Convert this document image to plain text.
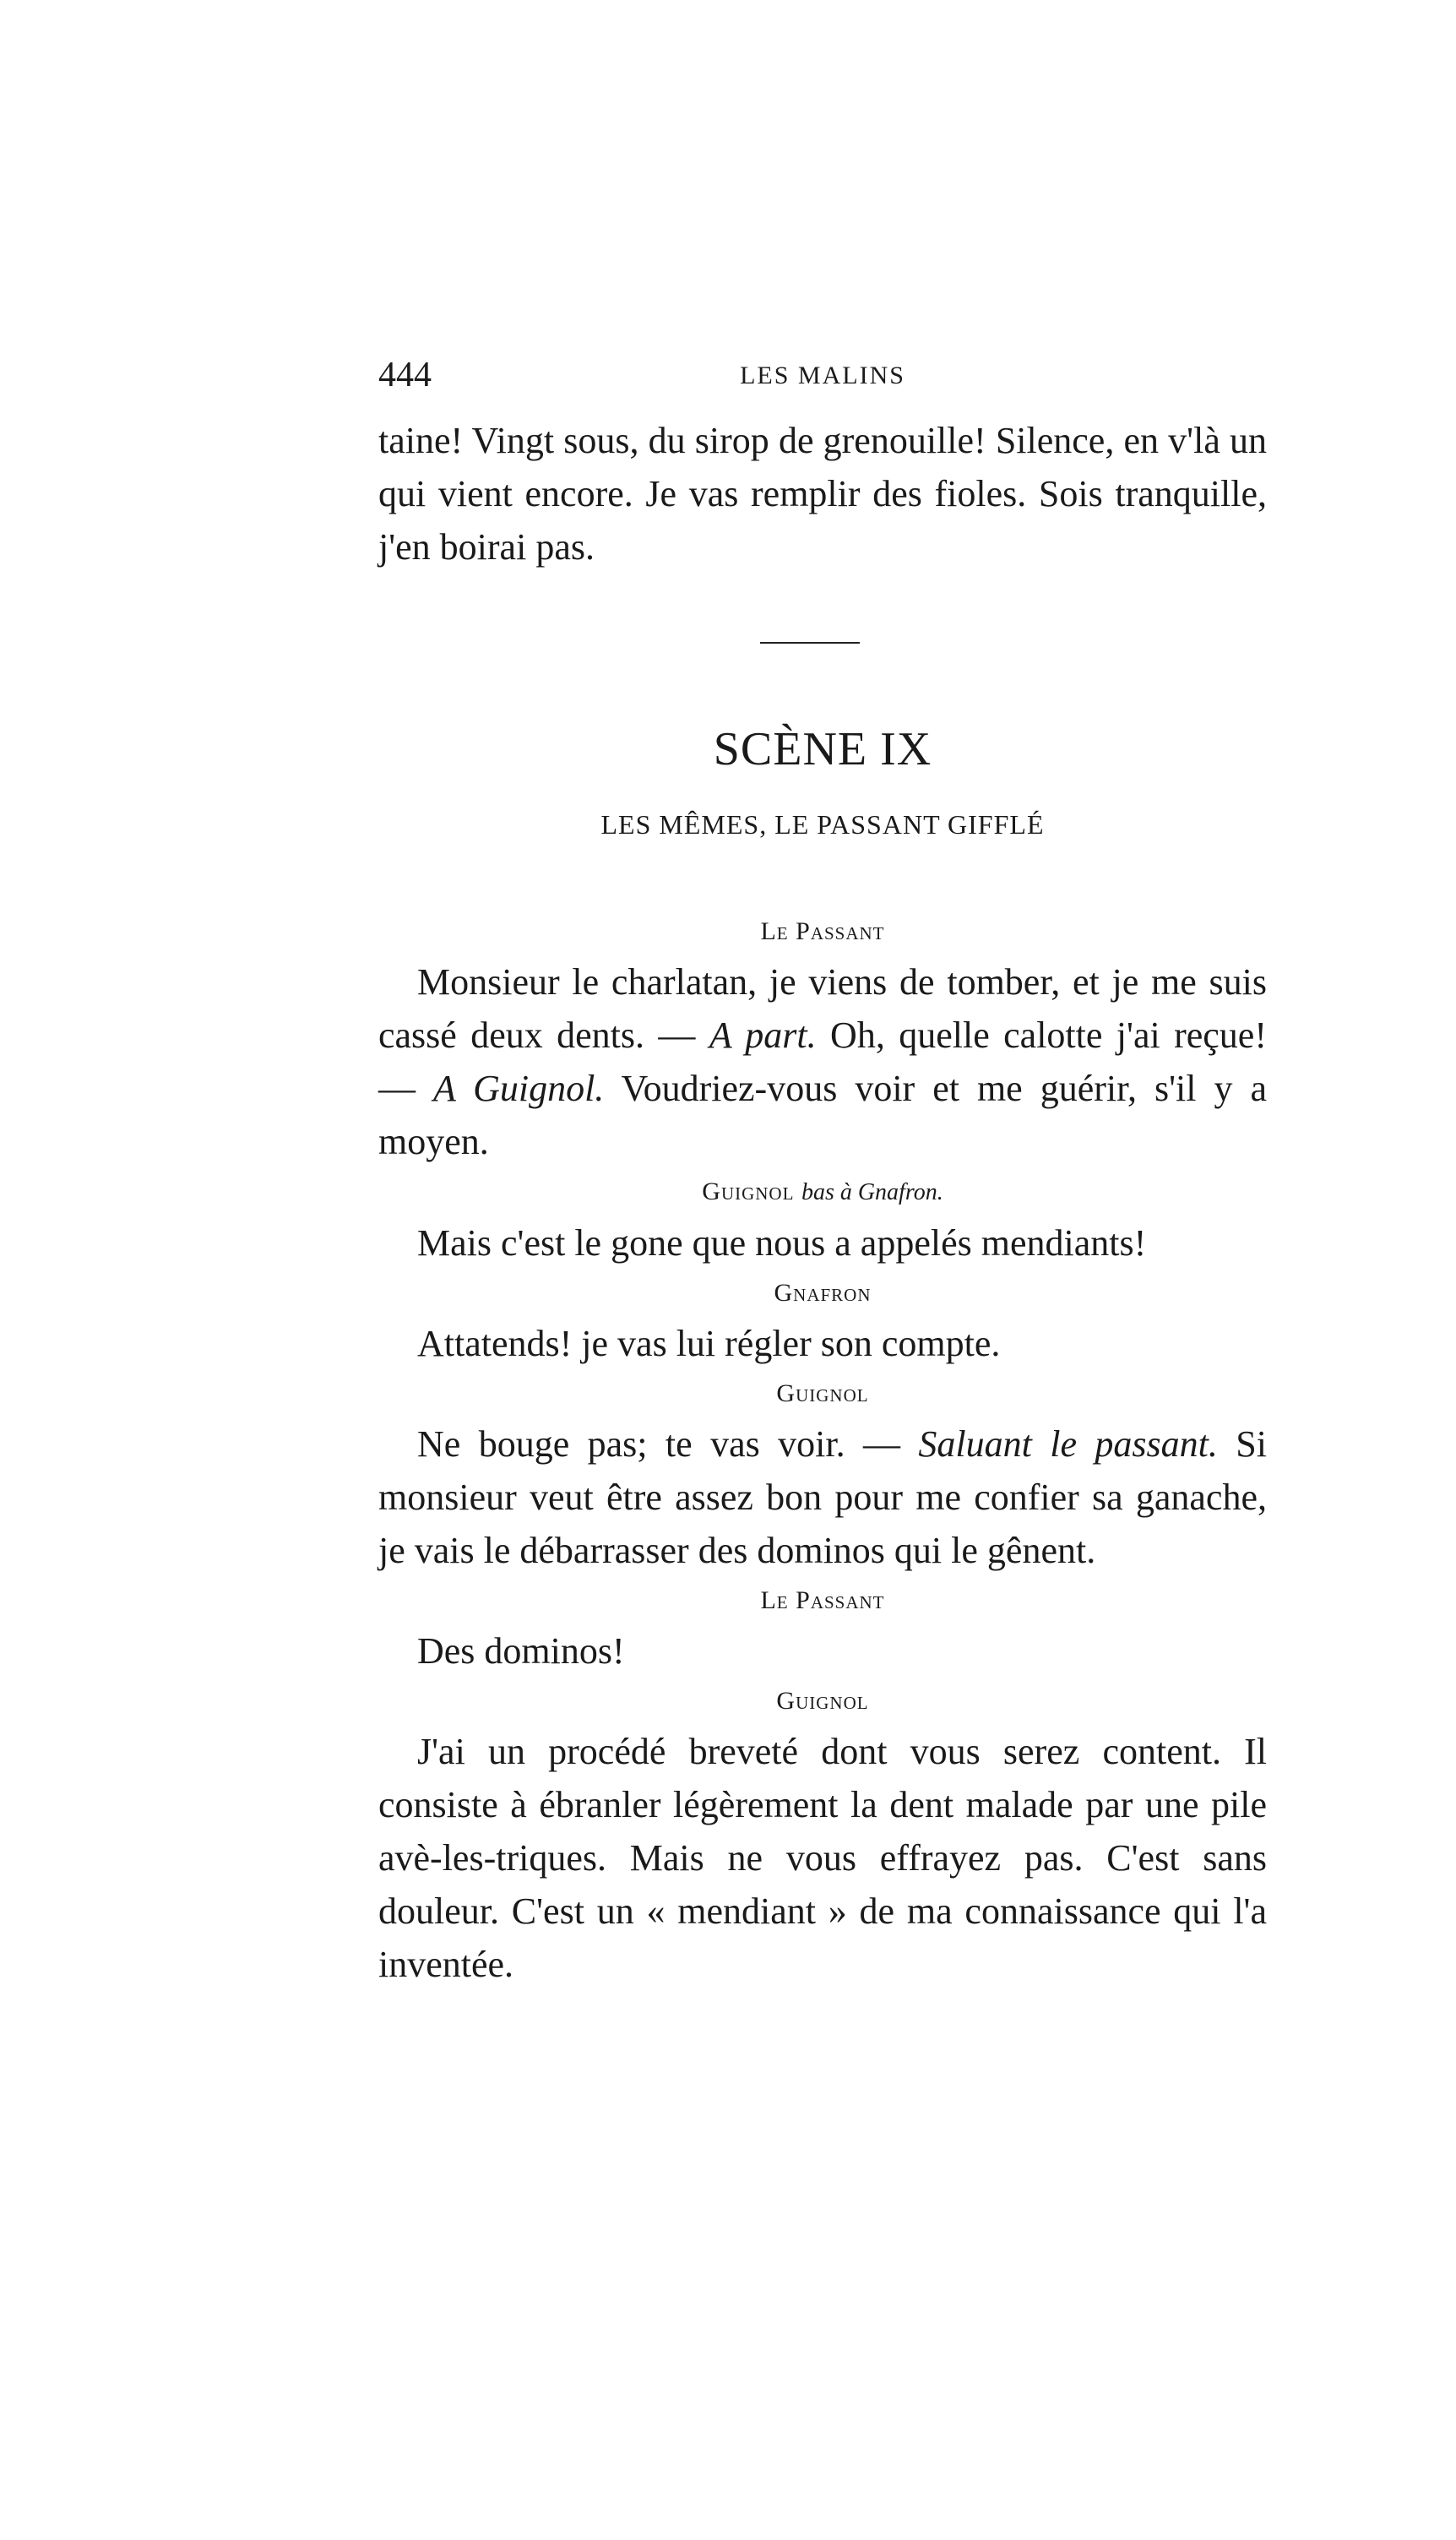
444	LES MALINS

taine! Vingt sous, du sirop de grenouille! Silence, en v'là un qui vient encore. Je vas remplir des fioles. Sois tranquille, j'en boirai pas.

SCÈNE IX
LES MÊMES, LE PASSANT GIFFLÉ
Le Passant

Monsieur le charlatan, je viens de tomber, et je me suis cassé deux dents. — A part. Oh, quelle calotte j'ai reçue! — A Guignol. Voudriez-vous voir et me guérir, s'il y a moyen.

Guignol bas à Gnafron.

Mais c'est le gone que nous a appelés mendiants!

Gnafron

Attatends! je vas lui régler son compte.

Guignol

Ne bouge pas; te vas voir. — Saluant le passant. Si monsieur veut être assez bon pour me confier sa ganache, je vais le débarrasser des dominos qui le gênent.

Le Passant

Des dominos!

Guignol

J'ai un procédé breveté dont vous serez content. Il consiste à ébranler légèrement la dent malade par une pile avè-les-triques. Mais ne vous effrayez pas. C'est sans douleur. C'est un « mendiant » de ma connaissance qui l'a inventée.
